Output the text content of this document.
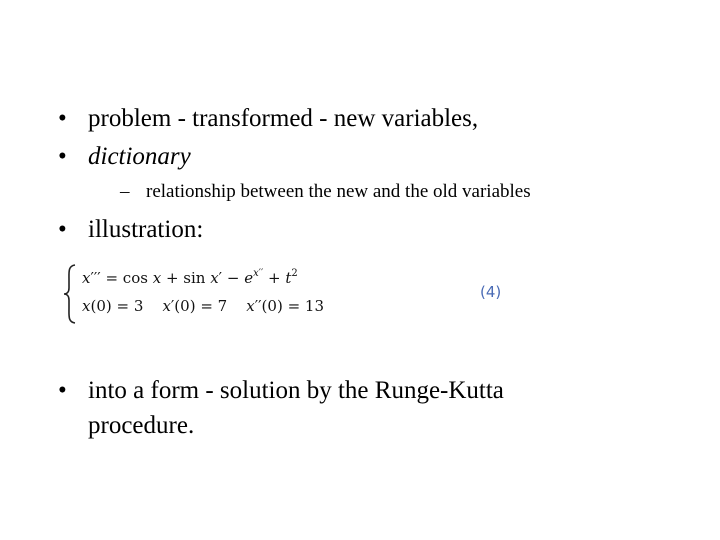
• problem - transformed - new variables,
• dictionary
– relationship between the new and the old variables
• illustration:
$x''' = \cos x + \sin x' - e^{x''} + t^2$
x(0) = 3    x′(0) = 7    x′′(0) = 13
(4)
• into a form - solution by the Runge-Kutta
procedure.
